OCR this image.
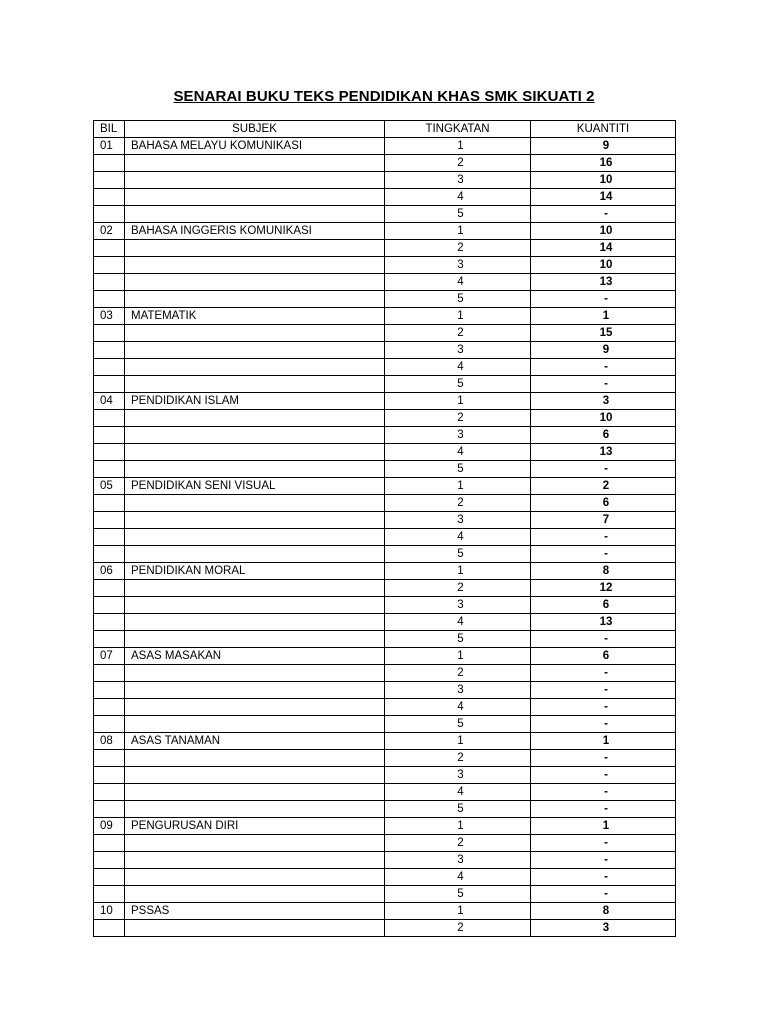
SENARAI BUKU TEKS PENDIDIKAN KHAS SMK SIKUATI 2
BIL	SUBJEK	TINGKATAN	KUANTITI
01	BAHASA MELAYU KOMUNIKASI	1	9
		2	16
		3	10
		4	14
		5	-
02	BAHASA INGGERIS KOMUNIKASI	1	10
		2	14
		3	10
		4	13
		5	-
03	MATEMATIK	1	1
		2	15
		3	9
		4	-
		5	-
04	PENDIDIKAN ISLAM	1	3
		2	10
		3	6
		4	13
		5	-
05	PENDIDIKAN SENI VISUAL	1	2
		2	6
		3	7
		4	-
		5	-
06	PENDIDIKAN MORAL	1	8
		2	12
		3	6
		4	13
		5	-
07	ASAS MASAKAN	1	6
		2	-
		3	-
		4	-
		5	-
08	ASAS TANAMAN	1	1
		2	-
		3	-
		4	-
		5	-
09	PENGURUSAN DIRI	1	1
		2	-
		3	-
		4	-
		5	-
10	PSSAS	1	8
		2	3
